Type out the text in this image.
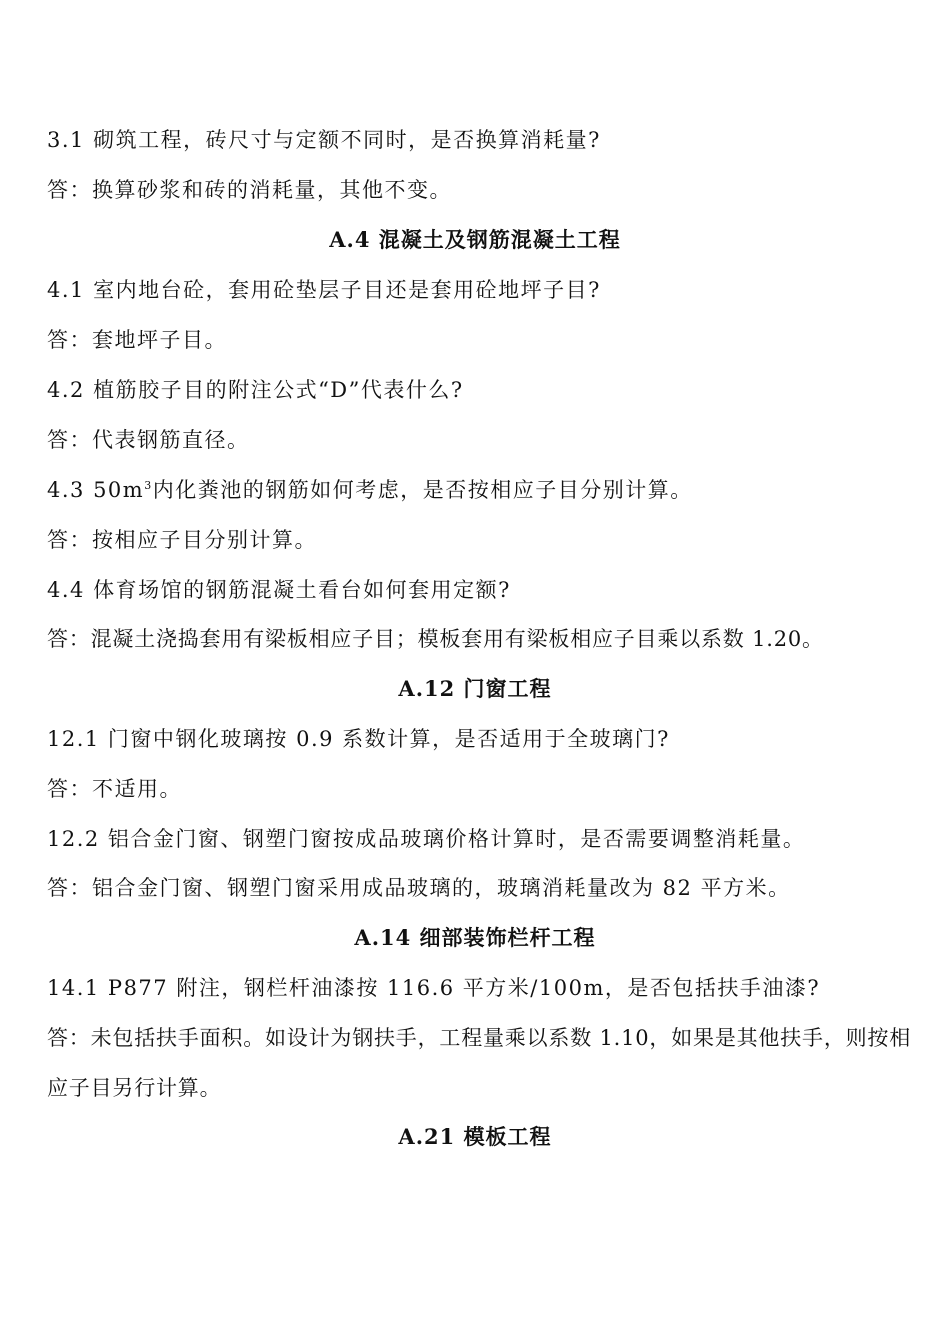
3.1 砌筑工程，砖尺寸与定额不同时，是否换算消耗量?
答：换算砂浆和砖的消耗量，其他不变。
A.4 混凝土及钢筋混凝土工程
4.1 室内地台砼，套用砼垫层子目还是套用砼地坪子目?
答：套地坪子目。
4.2 植筋胶子目的附注公式“D”代表什么?
答：代表钢筋直径。
4.3 $50m^3$内化粪池的钢筋如何考虑，是否按相应子目分别计算。
答：按相应子目分别计算。
4.4 体育场馆的钢筋混凝土看台如何套用定额?
答：混凝土浇捣套用有梁板相应子目；模板套用有梁板相应子目乘以系数 1.20。
A.12 门窗工程
12.1 门窗中钢化玻璃按 0.9 系数计算，是否适用于全玻璃门?
答：不适用。
12.2 铝合金门窗、钢塑门窗按成品玻璃价格计算时，是否需要调整消耗量。
答：铝合金门窗、钢塑门窗采用成品玻璃的，玻璃消耗量改为 82 平方米。
A.14 细部装饰栏杆工程
14.1 P877 附注，钢栏杆油漆按 116.6 平方米/100m，是否包括扶手油漆?
答：未包括扶手面积。如设计为钢扶手，工程量乘以系数 1.10，如果是其他扶手，则按相应子目另行计算。
A.21 模板工程
